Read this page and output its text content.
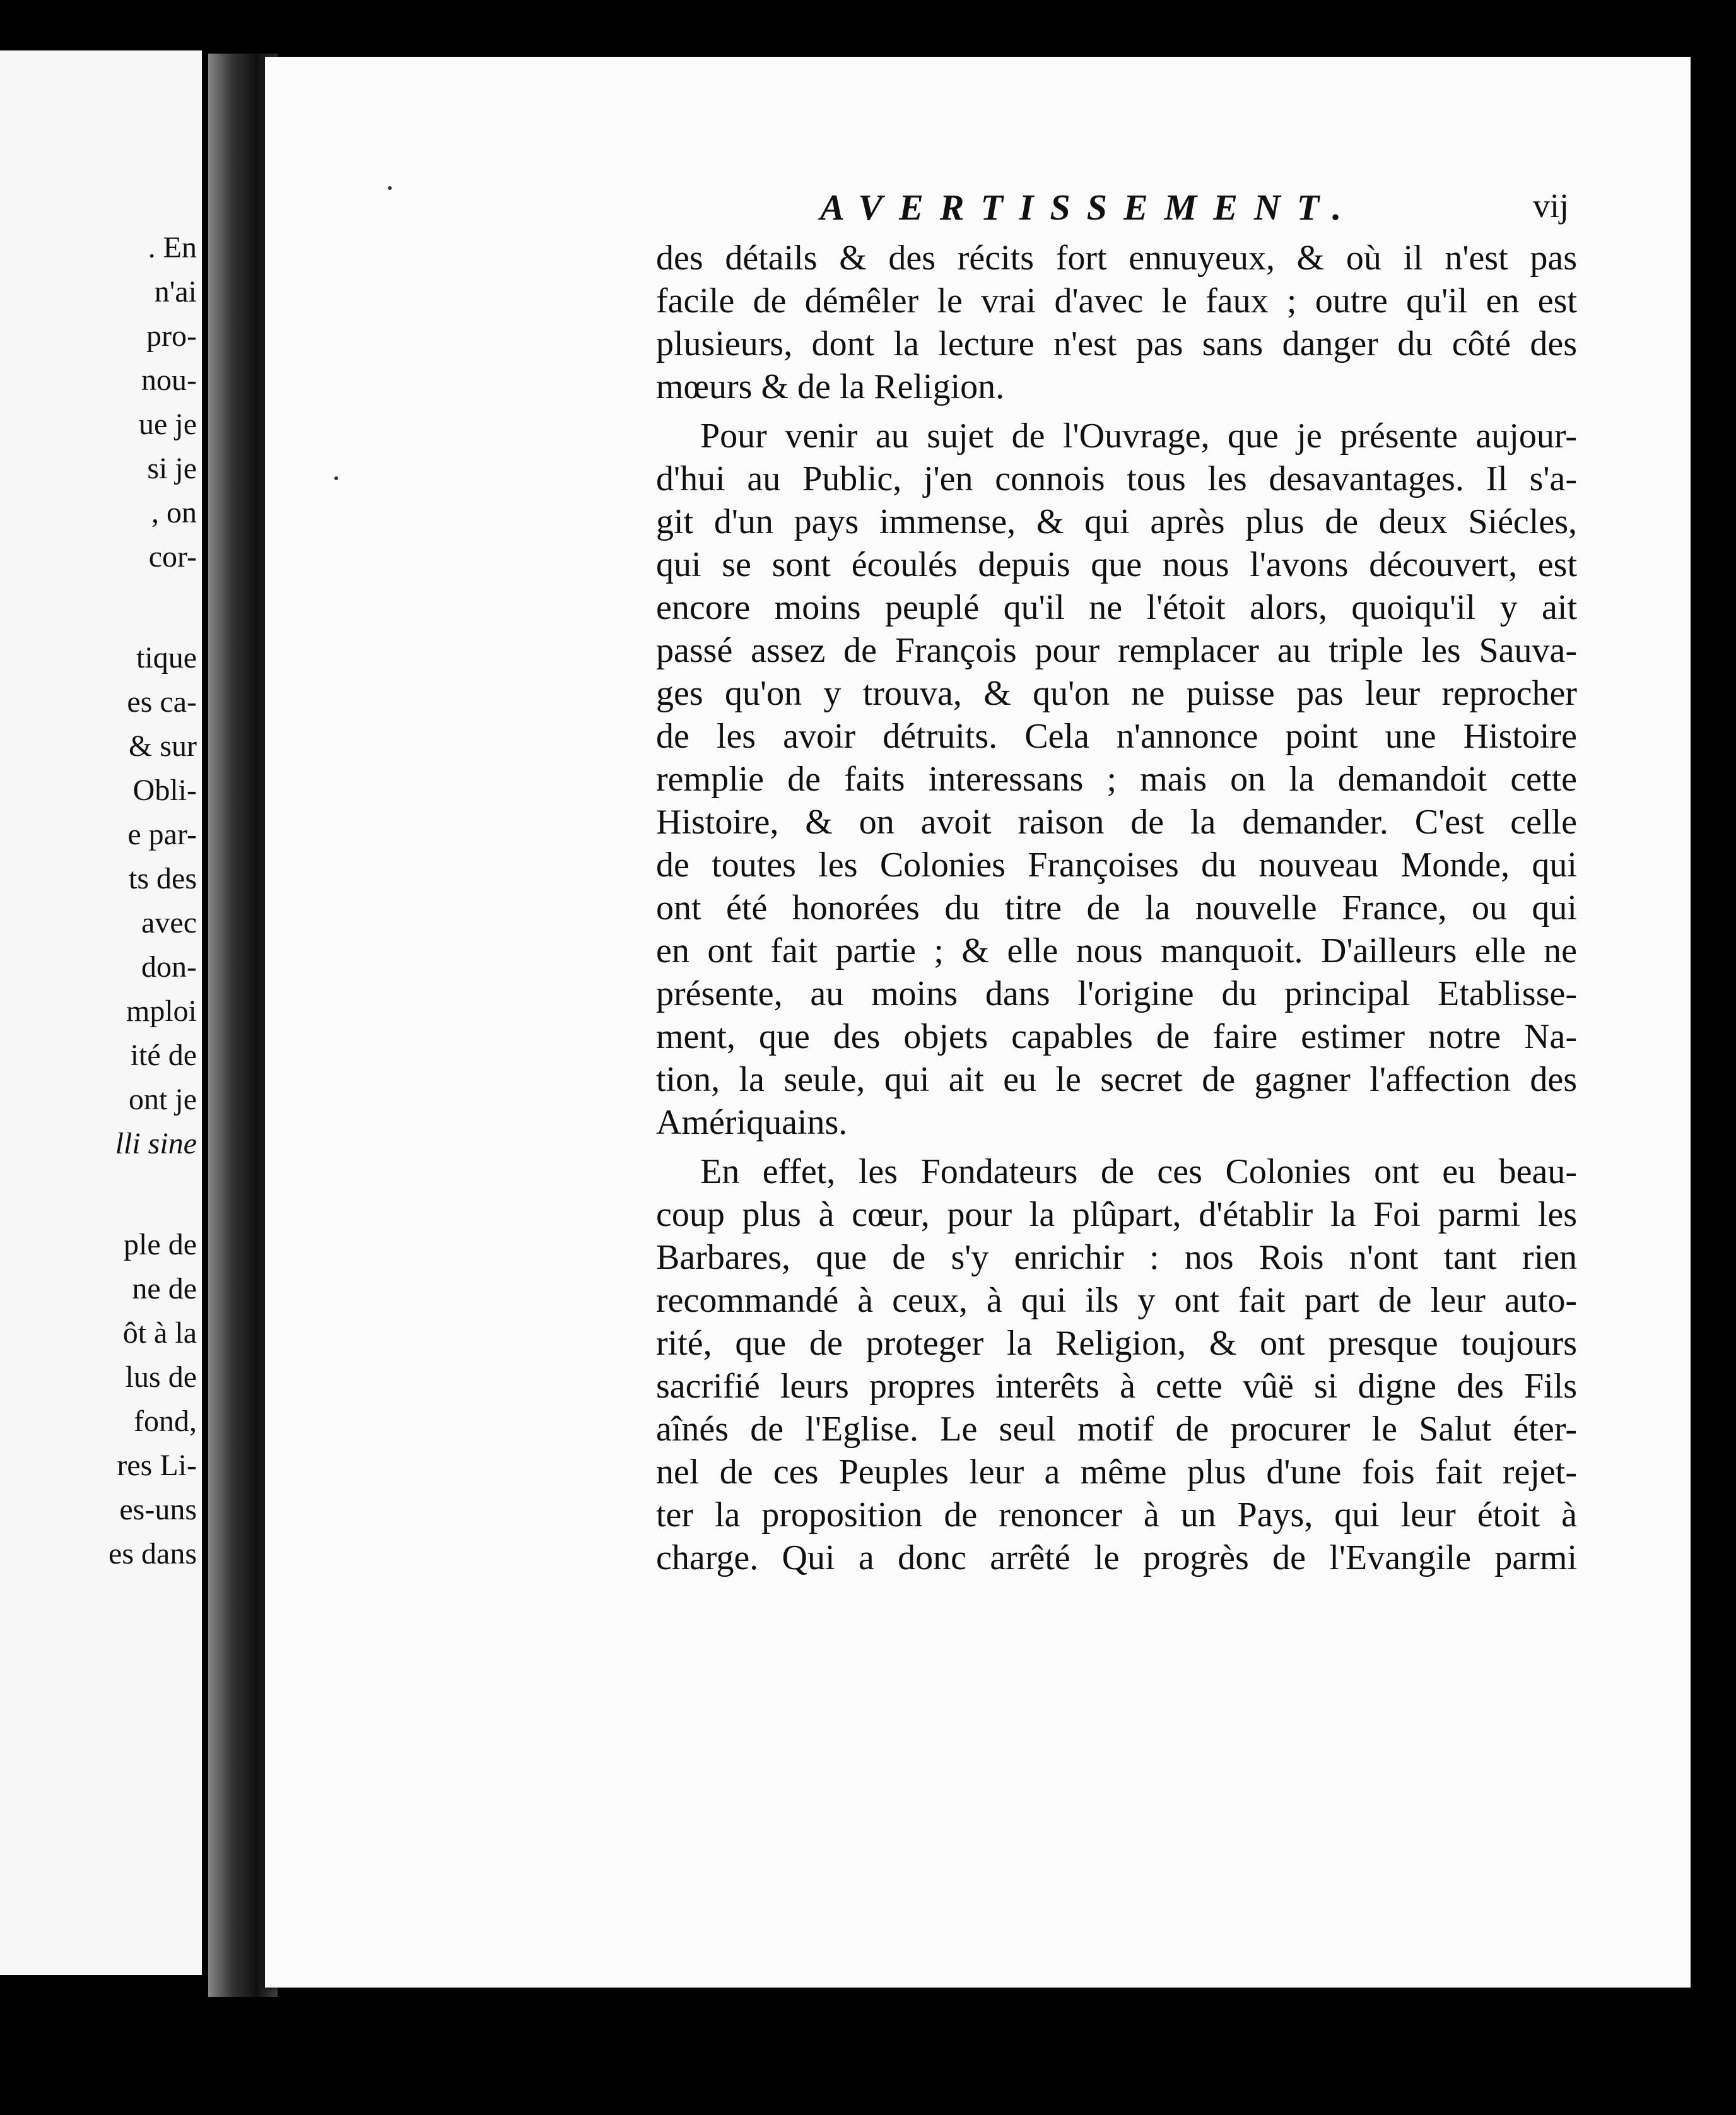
. En

n'ai

pro-

nou-

ue je

si je

, on

cor-

tique

es ca-

& sur

Obli-

e par-

ts des

avec

don-

mploi

ité de

ont je

lli sine

ple de

ne de

ôt à la

lus de

fond,

res Li-

es-uns

es dans

AVERTISSEMENT.	vij

des détails & des récits fort ennuyeux, & où il n'est pas
facile de démêler le vrai d'avec le faux ; outre qu'il en est
plusieurs, dont la lecture n'est pas sans danger du côté des
mœurs & de la Religion.
Pour venir au sujet de l'Ouvrage, que je présente aujour-
d'hui au Public, j'en connois tous les desavantages. Il s'a-
git d'un pays immense, & qui après plus de deux Siécles,
qui se sont écoulés depuis que nous l'avons découvert, est
encore moins peuplé qu'il ne l'étoit alors, quoiqu'il y ait
passé assez de François pour remplacer au triple les Sauva-
ges qu'on y trouva, & qu'on ne puisse pas leur reprocher
de les avoir détruits. Cela n'annonce point une Histoire
remplie de faits interessans ; mais on la demandoit cette
Histoire, & on avoit raison de la demander. C'est celle
de toutes les Colonies Françoises du nouveau Monde, qui
ont été honorées du titre de la nouvelle France, ou qui
en ont fait partie ; & elle nous manquoit. D'ailleurs elle ne
présente, au moins dans l'origine du principal Etablisse-
ment, que des objets capables de faire estimer notre Na-
tion, la seule, qui ait eu le secret de gagner l'affection des
Amériquains.
En effet, les Fondateurs de ces Colonies ont eu beau-
coup plus à cœur, pour la plûpart, d'établir la Foi parmi les
Barbares, que de s'y enrichir : nos Rois n'ont tant rien
recommandé à ceux, à qui ils y ont fait part de leur auto-
rité, que de proteger la Religion, & ont presque toujours
sacrifié leurs propres interêts à cette vûë si digne des Fils
aînés de l'Eglise. Le seul motif de procurer le Salut éter-
nel de ces Peuples leur a même plus d'une fois fait rejet-
ter la proposition de renoncer à un Pays, qui leur étoit à
charge. Qui a donc arrêté le progrès de l'Evangile parmi
